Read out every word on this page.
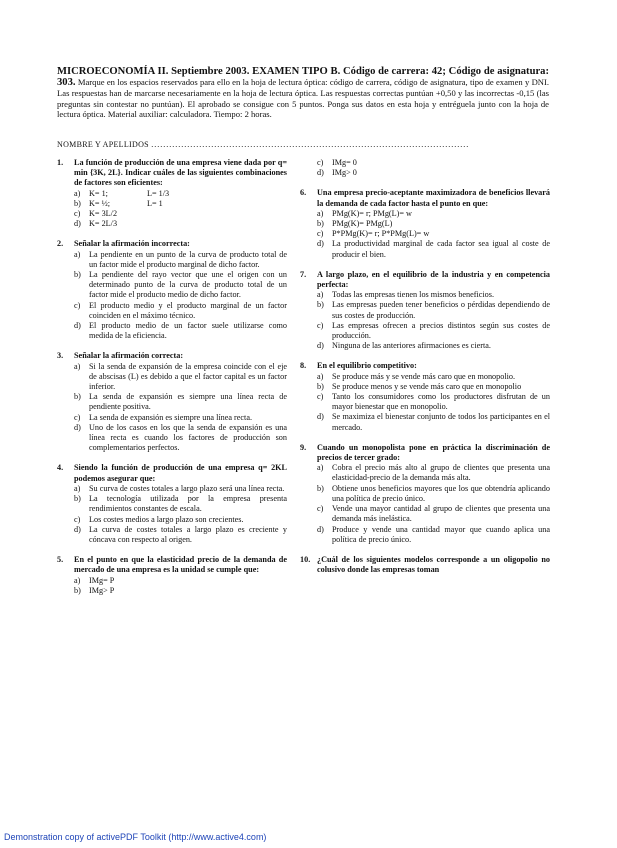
MICROECONOMÍA II. Septiembre 2003. EXAMEN TIPO B. Código de carrera: 42; Código de asignatura: 303. Marque en los espacios reservados para ello en la hoja de lectura óptica: código de carrera, código de asignatura, tipo de examen y DNI. Las respuestas han de marcarse necesariamente en la hoja de lectura óptica. Las respuestas correctas puntúan +0,50 y las incorrectas -0,15 (las preguntas sin contestar no puntúan). El aprobado se consigue con 5 puntos. Ponga sus datos en esta hoja y entréguela junto con la hoja de lectura óptica. Material auxiliar: calculadora. Tiempo: 2 horas.
NOMBRE Y APELLIDOS ..........................................................................................................
1.	La función de producción de una empresa viene dada por q= min {3K, 2L}. Indicar cuáles de las siguientes combinaciones de factores son eficientes:
a)	K= 1;	L= 1/3
b) K= ½;	L= 1
c)	K= 3L/2
d) K= 2L/3
2.	Señalar la afirmación incorrecta:
a)	La pendiente en un punto de la curva de producto total de un factor mide el producto marginal de dicho factor.
b) La pendiente del rayo vector que une el origen con un determinado punto de la curva de producto total de un factor mide el producto medio de dicho factor.
c)	El producto medio y el producto marginal de un factor coinciden en el máximo técnico.
d) El producto medio de un factor suele utilizarse como medida de la eficiencia.
3.	Señalar la afirmación correcta:
a)	Si la senda de expansión de la empresa coincide con el eje de abscisas (L) es debido a que el factor capital es un factor inferior.
b) La senda de expansión es siempre una línea recta de pendiente positiva.
c)	La senda de expansión es siempre una línea recta.
d) Uno de los casos en los que la senda de expansión es una línea recta es cuando los factores de producción son complementarios perfectos.
4.	Siendo la función de producción de una empresa q= 2KL podemos asegurar que:
a)	Su curva de costes totales a largo plazo será una línea recta.
b) La tecnología utilizada por la empresa presenta rendimientos constantes de escala.
c)	Los costes medios a largo plazo son crecientes.
d) La curva de costes totales a largo plazo es creciente y cóncava con respecto al origen.
5.	En el punto en que la elasticidad precio de la demanda de mercado de una empresa es la unidad se cumple que:
a)	IMg= P
b) IMg> P
c)	IMg= 0
d) IMg> 0
6.	Una empresa precio-aceptante maximizadora de beneficios llevará la demanda de cada factor hasta el punto en que:
a)	PMg(K)= r; PMg(L)= w
b) PMg(K)= PMg(L)
c)	P*PMg(K)= r; P*PMg(L)= w
d) La productividad marginal de cada factor sea igual al coste de producir el bien.
7.	A largo plazo, en el equilibrio de la industria y en competencia perfecta:
a)	Todas las empresas tienen los mismos beneficios.
b) Las empresas pueden tener beneficios o pérdidas dependiendo de sus costes de producción.
c)	Las empresas ofrecen a precios distintos según sus costes de producción.
d) Ninguna de las anteriores afirmaciones es cierta.
8.	En el equilibrio competitivo:
a)	Se produce más y se vende más caro que en monopolio.
b) Se produce menos y se vende más caro que en monopolio
c)	Tanto los consumidores como los productores disfrutan de un mayor bienestar que en monopolio.
d) Se maximiza el bienestar conjunto de todos los participantes en el mercado.
9.	Cuando un monopolista pone en práctica la discriminación de precios de tercer grado:
a)	Cobra el precio más alto al grupo de clientes que presenta una elasticidad-precio de la demanda más alta.
b) Obtiene unos beneficios mayores que los que obtendría aplicando una política de precio único.
c)	Vende una mayor cantidad al grupo de clientes que presenta una demanda más inelástica.
d) Produce y vende una cantidad mayor que cuando aplica una política de precio único.
10. ¿Cuál de los siguientes modelos corresponde a un oligopolio no colusivo donde las empresas toman
Demonstration copy of activePDF Toolkit (http://www.active4.com)
